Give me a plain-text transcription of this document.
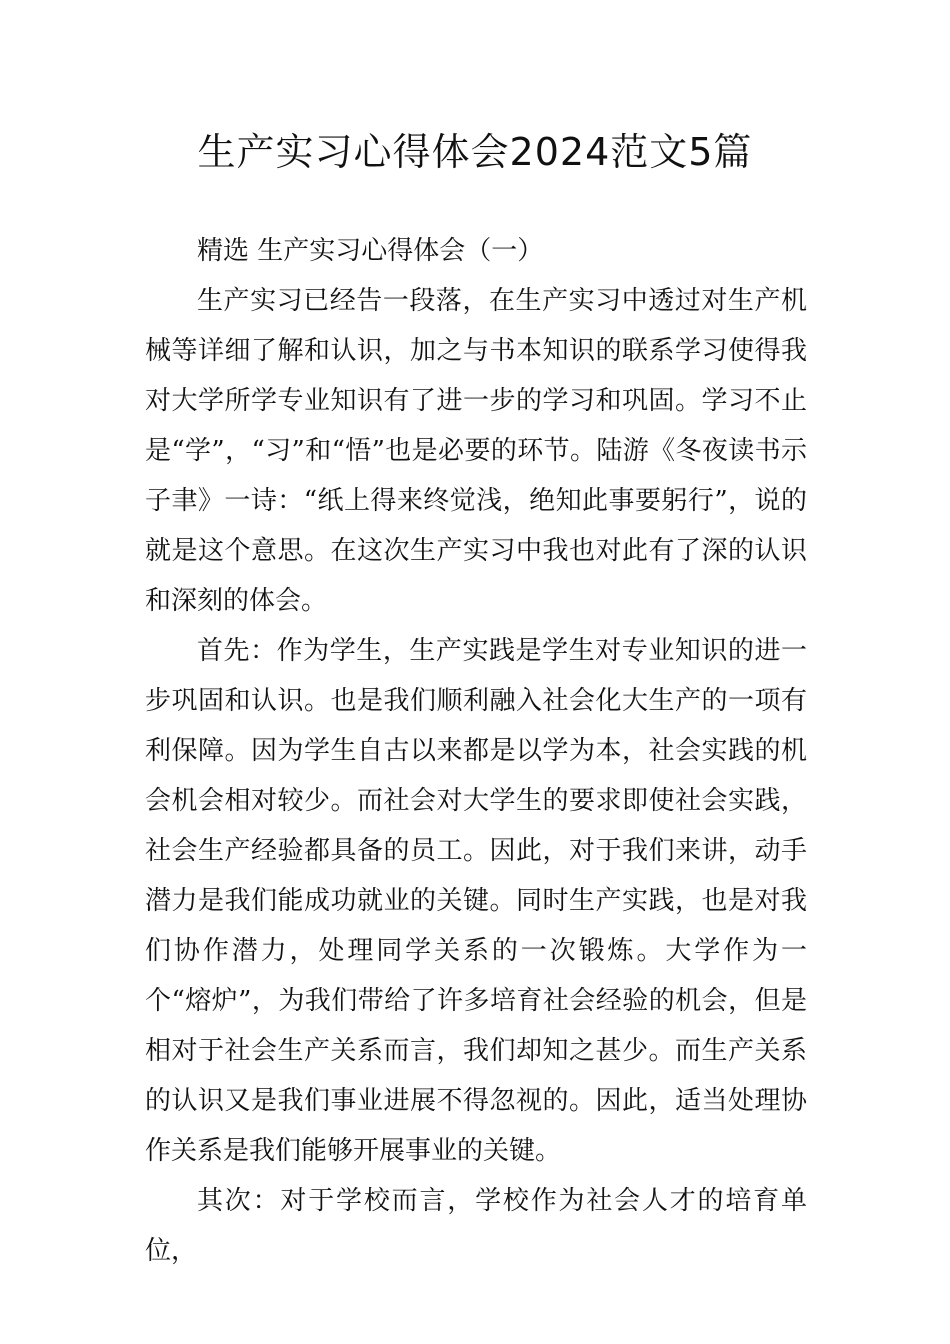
生产实习心得体会2024范文5篇

精选 生产实习心得体会（一）

生产实习已经告一段落，在生产实习中透过对生产机械等详细了解和认识，加之与书本知识的联系学习使得我对大学所学专业知识有了进一步的学习和巩固。学习不止是“学”，“习”和“悟”也是必要的环节。陆游《冬夜读书示子聿》一诗：“纸上得来终觉浅，绝知此事要躬行”，说的就是这个意思。在这次生产实习中我也对此有了深的认识和深刻的体会。

首先：作为学生，生产实践是学生对专业知识的进一步巩固和认识。也是我们顺利融入社会化大生产的一项有利保障。因为学生自古以来都是以学为本，社会实践的机会机会相对较少。而社会对大学生的要求即使社会实践，社会生产经验都具备的员工。因此，对于我们来讲，动手潜力是我们能成功就业的关键。同时生产实践，也是对我们协作潜力，处理同学关系的一次锻炼。大学作为一个“熔炉”，为我们带给了许多培育社会经验的机会，但是相对于社会生产关系而言，我们却知之甚少。而生产关系的认识又是我们事业进展不得忽视的。因此，适当处理协作关系是我们能够开展事业的关键。

其次：对于学校而言，学校作为社会人才的培育单位，
